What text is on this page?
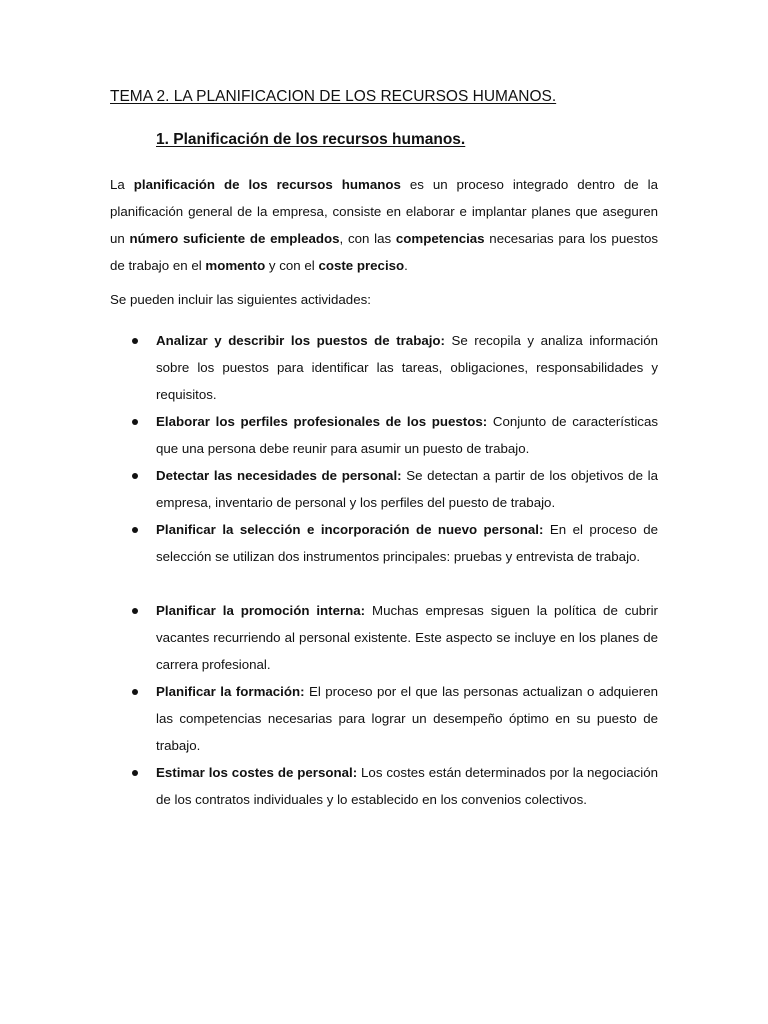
TEMA 2. LA PLANIFICACION DE LOS RECURSOS HUMANOS.
1. Planificación de los recursos humanos.

La planificación de los recursos humanos es un proceso integrado dentro de la planificación general de la empresa, consiste en elaborar e implantar planes que aseguren un número suficiente de empleados, con las competencias necesarias para los puestos de trabajo en el momento y con el coste preciso.

Se pueden incluir las siguientes actividades:
Analizar y describir los puestos de trabajo: Se recopila y analiza información sobre los puestos para identificar las tareas, obligaciones, responsabilidades y requisitos.
Elaborar los perfiles profesionales de los puestos: Conjunto de características que una persona debe reunir para asumir un puesto de trabajo.
Detectar las necesidades de personal: Se detectan a partir de los objetivos de la empresa, inventario de personal y los perfiles del puesto de trabajo.
Planificar la selección e incorporación de nuevo personal: En el proceso de selección se utilizan dos instrumentos principales: pruebas y entrevista de trabajo.
Planificar la promoción interna: Muchas empresas siguen la política de cubrir vacantes recurriendo al personal existente. Este aspecto se incluye en los planes de carrera profesional.
Planificar la formación: El proceso por el que las personas actualizan o adquieren las competencias necesarias para lograr un desempeño óptimo en su puesto de trabajo.
Estimar los costes de personal: Los costes están determinados por la negociación de los contratos individuales y lo establecido en los convenios colectivos.
